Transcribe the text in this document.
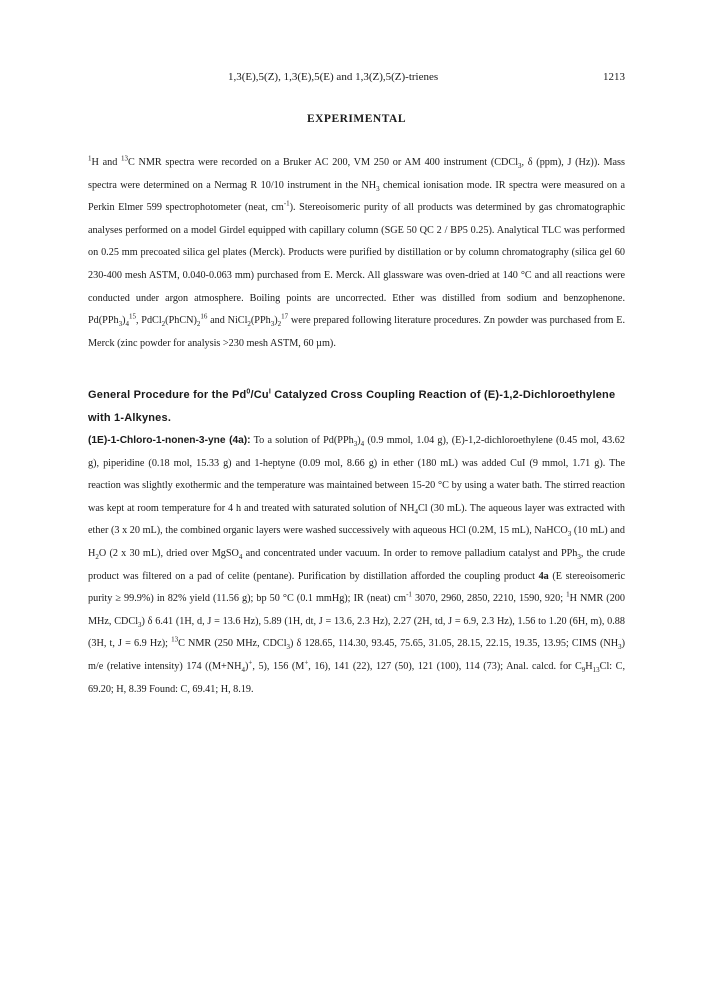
1,3(E),5(Z), 1,3(E),5(E) and 1,3(Z),5(Z)-trienes	1213
EXPERIMENTAL

$^1$H and $^{13}$C NMR spectra were recorded on a Bruker AC 200, VM 250 or AM 400 instrument (CDCl$_3$, δ (ppm), J (Hz)). Mass spectra were determined on a Nermag R 10/10 instrument in the $NH_3$ chemical ionisation mode. IR spectra were measured on a Perkin Elmer 599 spectrophotometer (neat, $cm^{-1}$). Stereoisomeric purity of all products was determined by gas chromatographic analyses performed on a model Girdel equipped with capillary column (SGE 50 QC 2 / BP5 0.25). Analytical TLC was performed on 0.25 mm precoated silica gel plates (Merck). Products were purified by distillation or by column chromatography (silica gel 60 230-400 mesh ASTM, 0.040-0.063 mm) purchased from E. Merck. All glassware was oven-dried at 140 °C and all reactions were conducted under argon atmosphere. Boiling points are uncorrected. Ether was distilled from sodium and benzophenone. $Pd(PPh_3)_4^{15}$, $PdCl_2(PhCN)_2^{16}$ and $NiCl_2(PPh_3)_2^{17}$ were prepared following literature procedures. Zn powder was purchased from E. Merck (zinc powder for analysis >230 mesh ASTM, 60 µm).

General Procedure for the $Pd^0/Cu^I$ Catalyzed Cross Coupling Reaction of (E)-1,2-Dichloroethylene with 1-Alkynes.

(1E)-1-Chloro-1-nonen-3-yne (4a): To a solution of $Pd(PPh_3)_4$ (0.9 mmol, 1.04 g), (E)-1,2-dichloroethylene (0.45 mol, 43.62 g), piperidine (0.18 mol, 15.33 g) and 1-heptyne (0.09 mol, 8.66 g) in ether (180 mL) was added CuI (9 mmol, 1.71 g). The reaction was slightly exothermic and the temperature was maintained between 15-20 °C by using a water bath. The stirred reaction was kept at room temperature for 4 h and treated with saturated solution of $NH_4Cl$ (30 mL). The aqueous layer was extracted with ether (3 x 20 mL), the combined organic layers were washed successively with aqueous HCl (0.2M, 15 mL), NaHCO$_3$ (10 mL) and $H_2O$ (2 x 30 mL), dried over MgSO$_4$ and concentrated under vacuum. In order to remove palladium catalyst and PPh$_3$, the crude product was filtered on a pad of celite (pentane). Purification by distillation afforded the coupling product 4a (E stereoisomeric purity ≥ 99.9%) in 82% yield (11.56 g); bp 50 °C (0.1 mmHg); IR (neat) $cm^{-1}$ 3070, 2960, 2850, 2210, 1590, 920; $^1$H NMR (200 MHz, CDCl$_3$) δ 6.41 (1H, d, J = 13.6 Hz), 5.89 (1H, dt, J = 13.6, 2.3 Hz), 2.27 (2H, td, J = 6.9, 2.3 Hz), 1.56 to 1.20 (6H, m), 0.88 (3H, t, J = 6.9 Hz); $^{13}$C NMR (250 MHz, CDCl$_3$) δ 128.65, 114.30, 93.45, 75.65, 31.05, 28.15, 22.15, 19.35, 13.95; CIMS $(NH_3)$ m/e (relative intensity) 174 ($(M+NH_4)^+$, 5), 156 (M+, 16), 141 (22), 127 (50), 121 (100), 114 (73); Anal. calcd. for $C_9H_{13}Cl$: C, 69.20; H, 8.39 Found: C, 69.41; H, 8.19.
